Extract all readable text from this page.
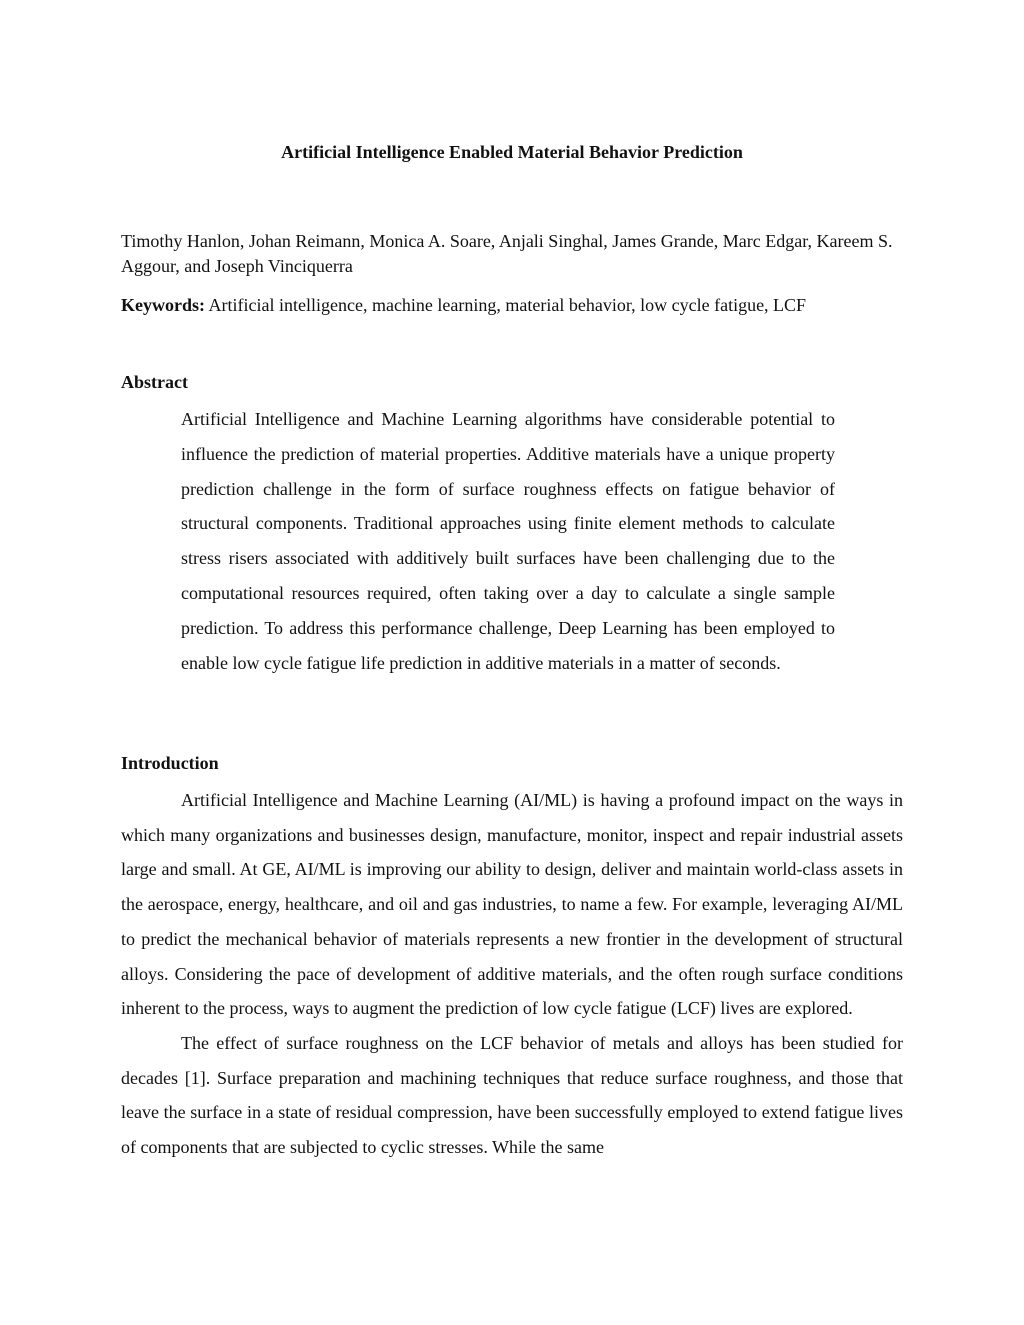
Artificial Intelligence Enabled Material Behavior Prediction

Timothy Hanlon, Johan Reimann, Monica A. Soare, Anjali Singhal, James Grande, Marc Edgar, Kareem S. Aggour, and Joseph Vinciquerra

Keywords: Artificial intelligence, machine learning, material behavior, low cycle fatigue, LCF

Abstract

Artificial Intelligence and Machine Learning algorithms have considerable potential to influence the prediction of material properties. Additive materials have a unique property prediction challenge in the form of surface roughness effects on fatigue behavior of structural components. Traditional approaches using finite element methods to calculate stress risers associated with additively built surfaces have been challenging due to the computational resources required, often taking over a day to calculate a single sample prediction. To address this performance challenge, Deep Learning has been employed to enable low cycle fatigue life prediction in additive materials in a matter of seconds.

Introduction

Artificial Intelligence and Machine Learning (AI/ML) is having a profound impact on the ways in which many organizations and businesses design, manufacture, monitor, inspect and repair industrial assets large and small. At GE, AI/ML is improving our ability to design, deliver and maintain world-class assets in the aerospace, energy, healthcare, and oil and gas industries, to name a few. For example, leveraging AI/ML to predict the mechanical behavior of materials represents a new frontier in the development of structural alloys. Considering the pace of development of additive materials, and the often rough surface conditions inherent to the process, ways to augment the prediction of low cycle fatigue (LCF) lives are explored.

The effect of surface roughness on the LCF behavior of metals and alloys has been studied for decades [1]. Surface preparation and machining techniques that reduce surface roughness, and those that leave the surface in a state of residual compression, have been successfully employed to extend fatigue lives of components that are subjected to cyclic stresses. While the same
